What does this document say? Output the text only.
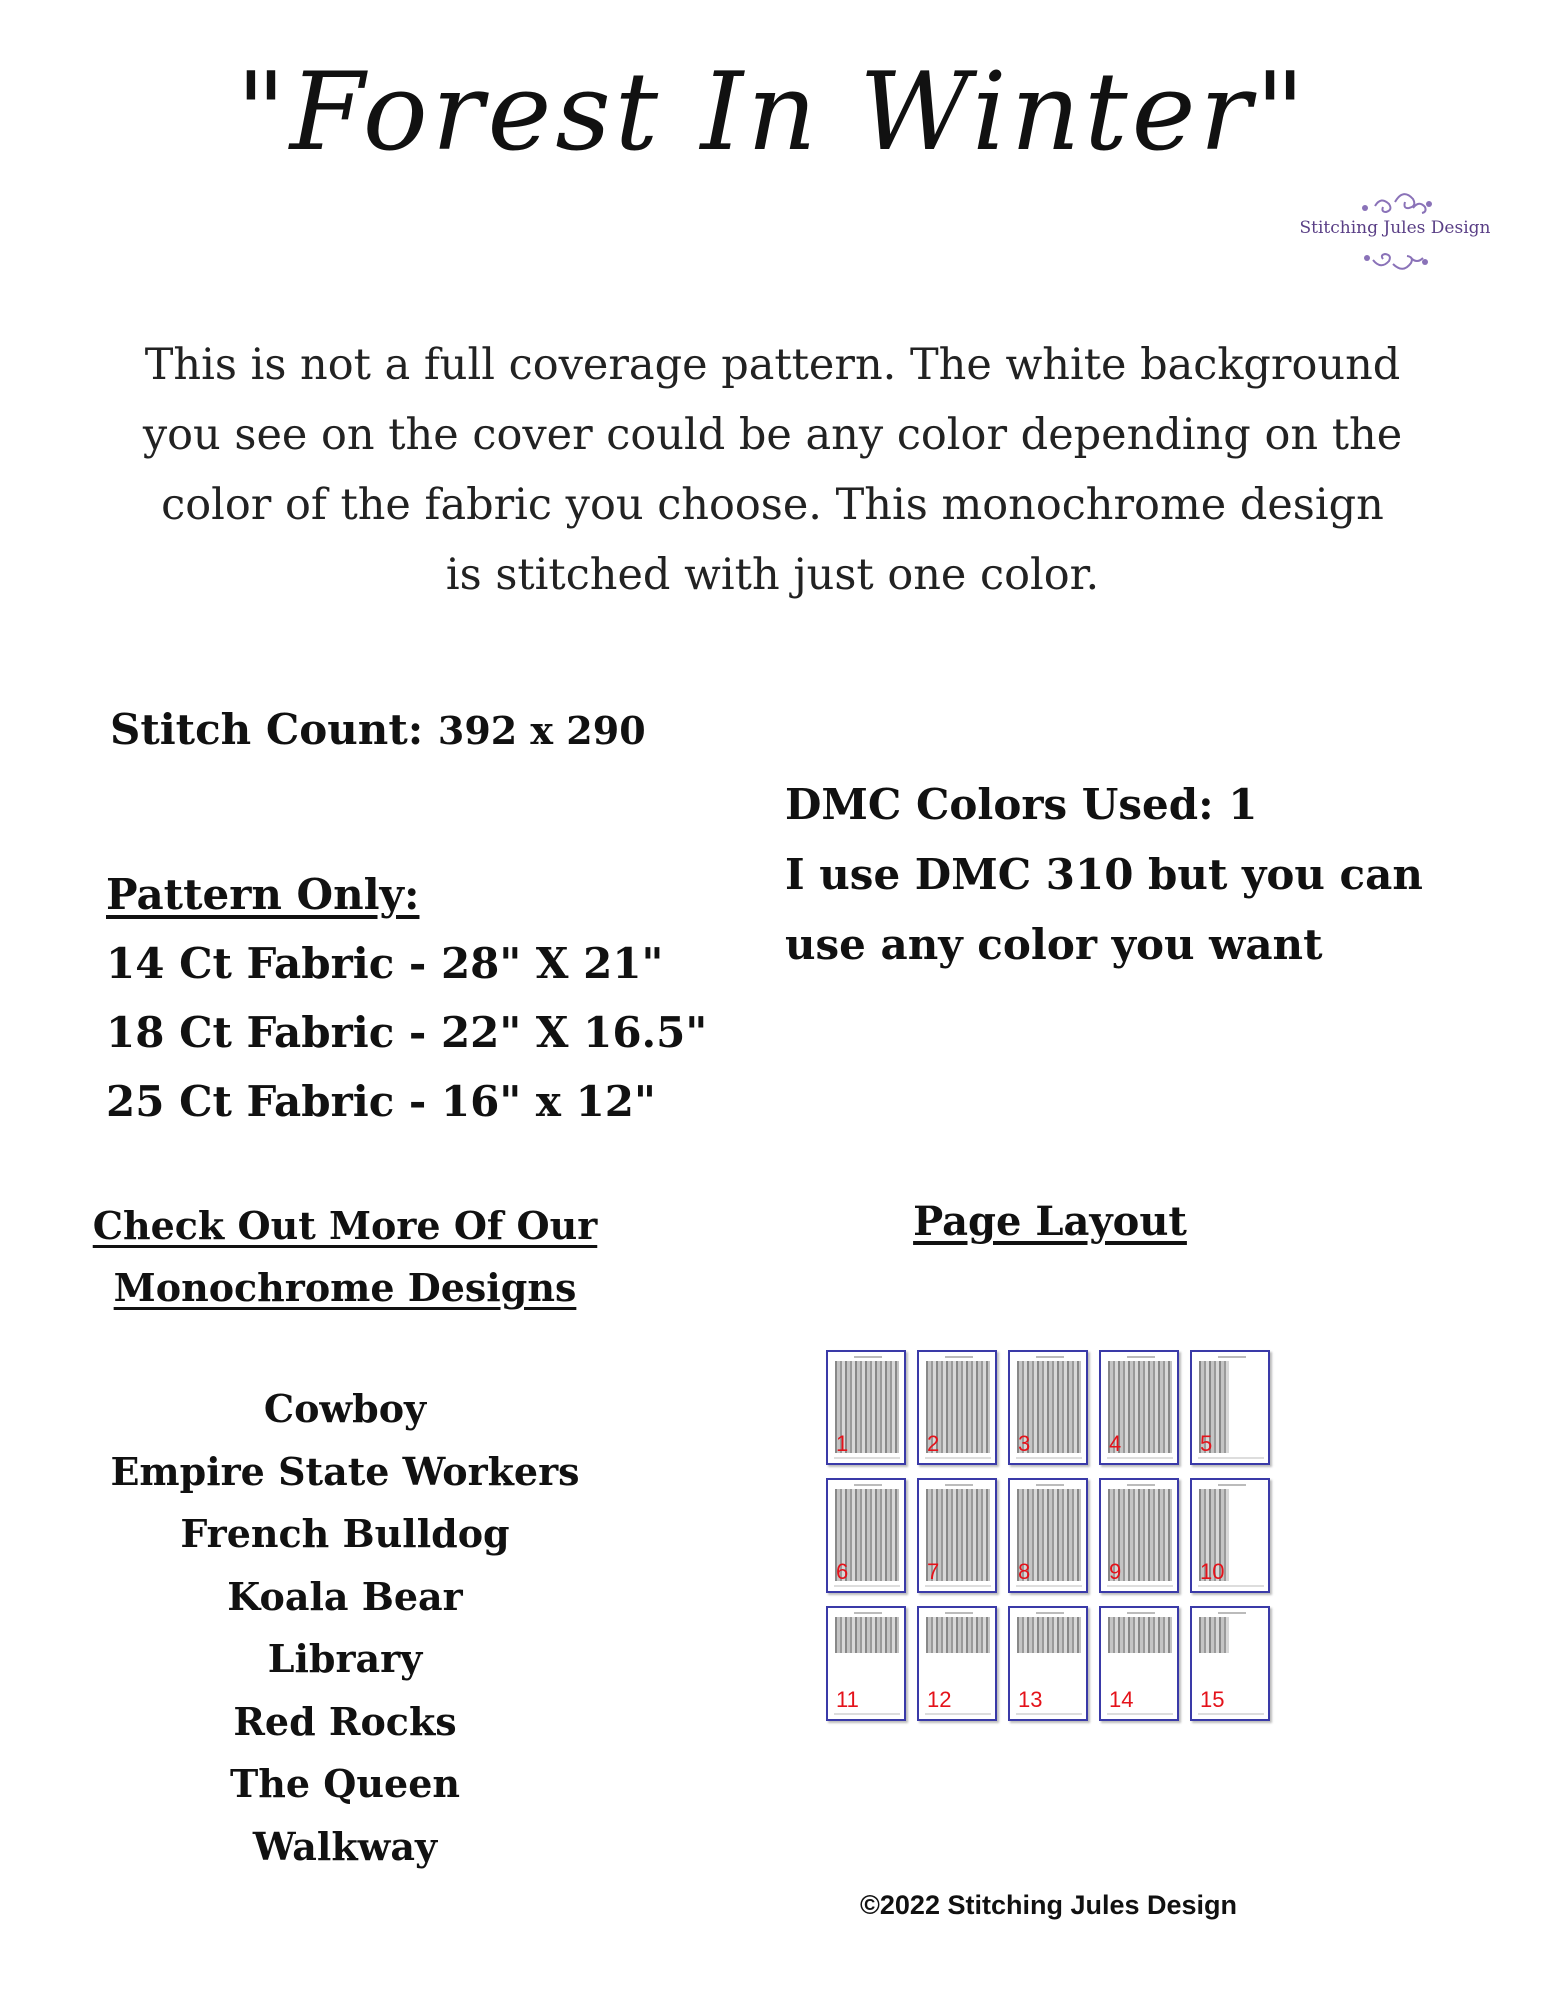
"Forest In Winter"
Stitching Jules Design
This is not a full coverage pattern. The white background
you see on the cover could be any color depending on the
color of the fabric you choose. This monochrome design
is stitched with just one color.
Stitch Count: 392 x 290
DMC Colors Used: 1
I use DMC 310 but you can
use any color you want
Pattern Only:
14 Ct Fabric - 28" X 21"
18 Ct Fabric - 22" X 16.5"
25 Ct Fabric - 16" x 12"
Check Out More Of Our
Monochrome Designs
Cowboy
Empire State Workers
French Bulldog
Koala Bear
Library
Red Rocks
The Queen
Walkway
Page Layout
1	2	3	4	5
6	7	8	9	10
11	12	13	14	15
©2022 Stitching Jules Design
